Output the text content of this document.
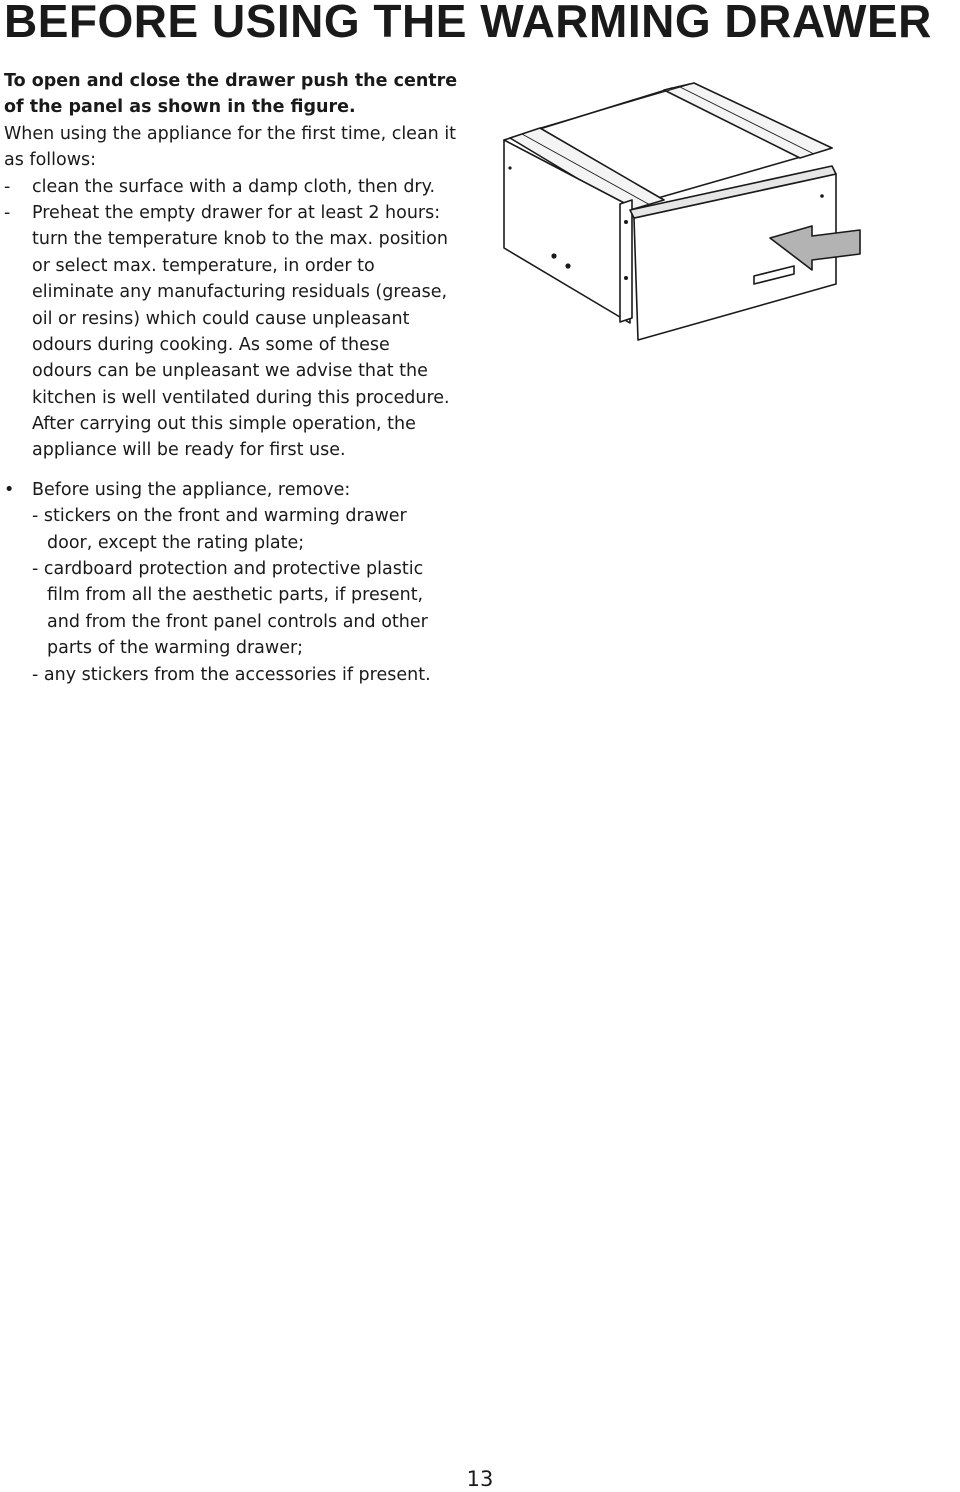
BEFORE USING THE WARMING DRAWER
To open and close the drawer push the centre
of the panel as shown in the figure.
When using the appliance for the first time, clean it
as follows:
- clean the surface with a damp cloth, then dry.
- Preheat the empty drawer for at least 2 hours:
turn the temperature knob to the max. position
or select max. temperature, in order to
eliminate any manufacturing residuals (grease,
oil or resins) which could cause unpleasant
odours during cooking. As some of these
odours can be unpleasant we advise that the
kitchen is well ventilated during this procedure.
After carrying out this simple operation, the
appliance will be ready for first use.
• Before using the appliance, remove:
- stickers on the front and warming drawer
door, except the rating plate;
- cardboard protection and protective plastic
film from all the aesthetic parts, if present,
and from the front panel controls and other
parts of the warming drawer;
- any stickers from the accessories if present.
13
